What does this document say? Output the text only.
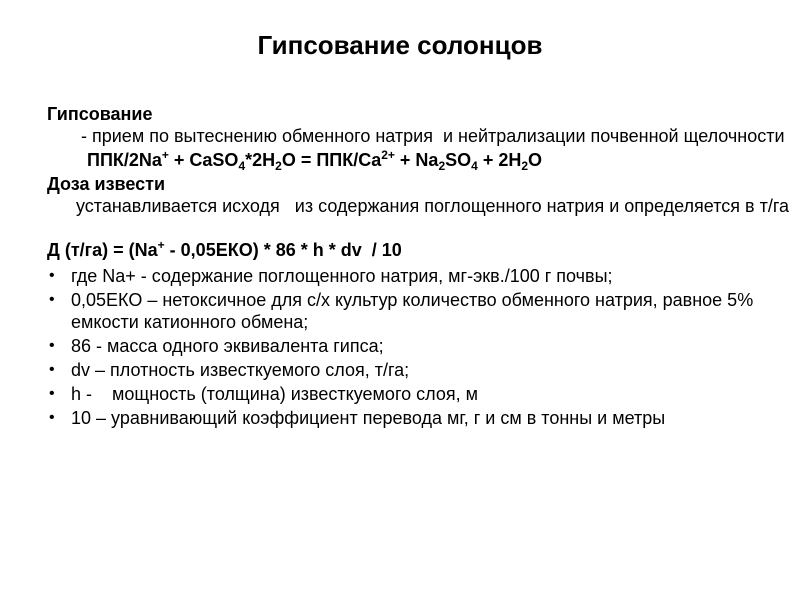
Гипсование солонцов

Гипсование  - прием по вытеснению обменного натрия  и нейтрализации почвенной щелочности

$ППК/2Na^+ + CaSO_4*2H_2O = ППК/Ca^{2+} + Na_2SO_4 + 2H_2O$

Доза извести устанавливается исходя   из содержания поглощенного натрия и определяется в т/га

Д (т/га) = (Na+ - 0,05ЕКО) * 86 * h * dv  / 10

• где Na+ - содержание поглощенного натрия, мг-экв./100 г почвы;
• 0,05ЕКО – нетоксичное для с/х культур количество обменного натрия, равное 5% емкости катионного обмена;
• 86 - масса одного эквивалента гипса;
• dv – плотность известкуемого слоя, т/га;
• h -    мощность (толщина) известкуемого слоя, м
• 10 – уравнивающий коэффициент перевода мг, г и см в тонны и метры
